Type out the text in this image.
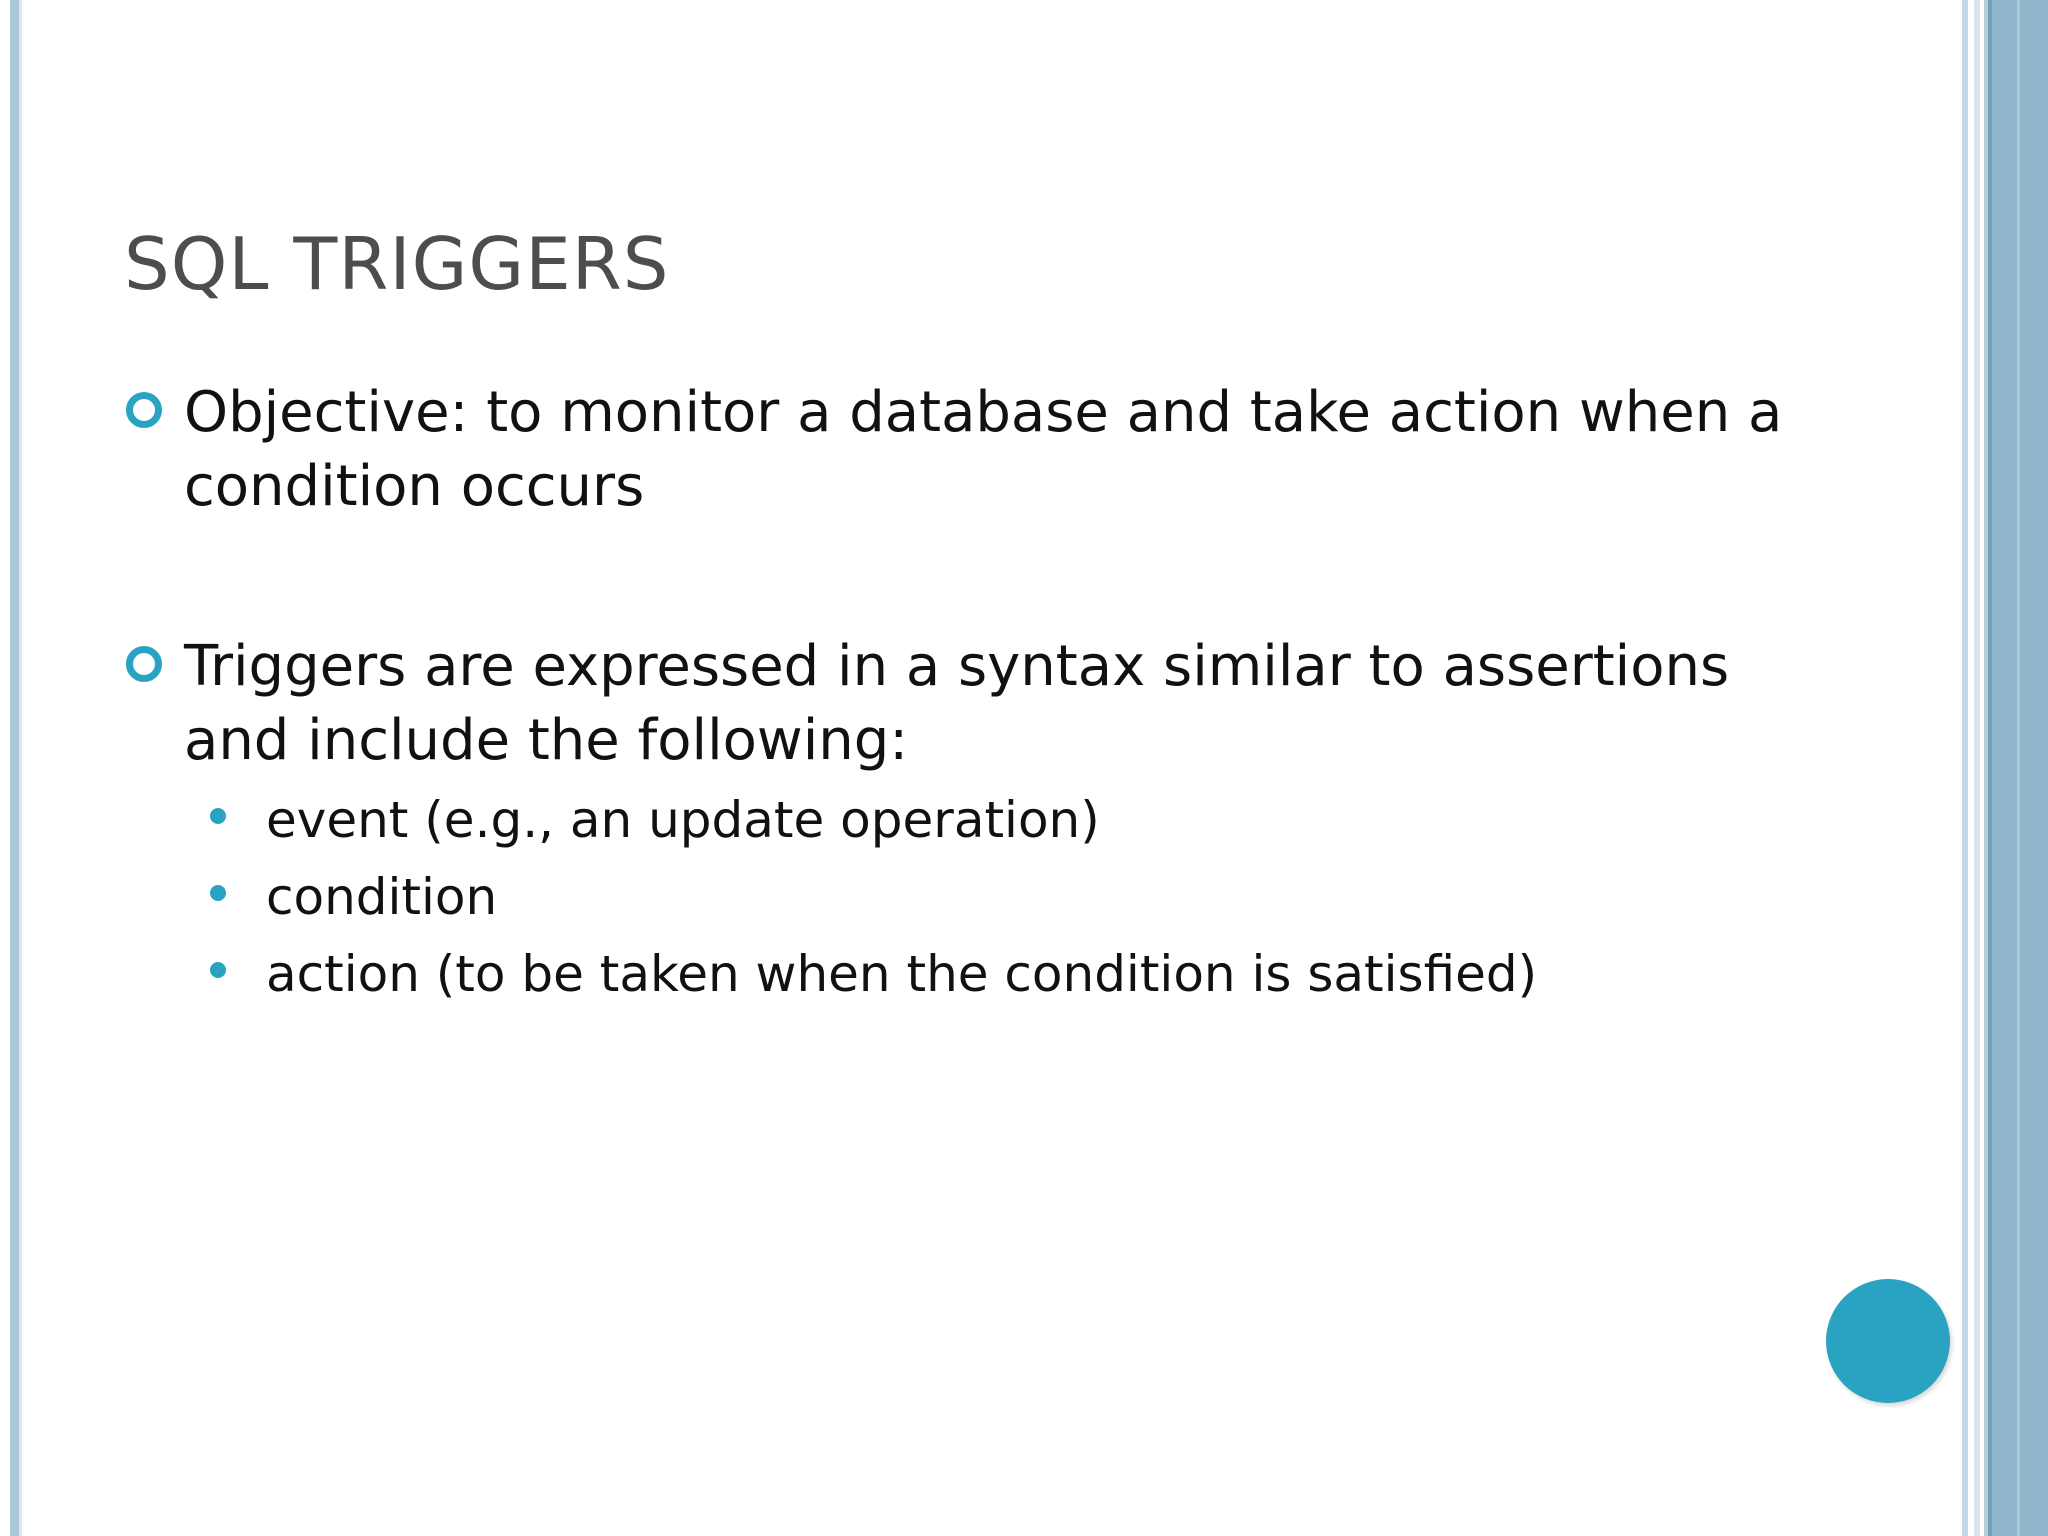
SQL TRIGGERS
Objective: to monitor a database and take action when a condition occurs
Triggers are expressed in a syntax similar to assertions and include the following:
event (e.g., an update operation)
condition
action (to be taken when the condition is satisfied)
